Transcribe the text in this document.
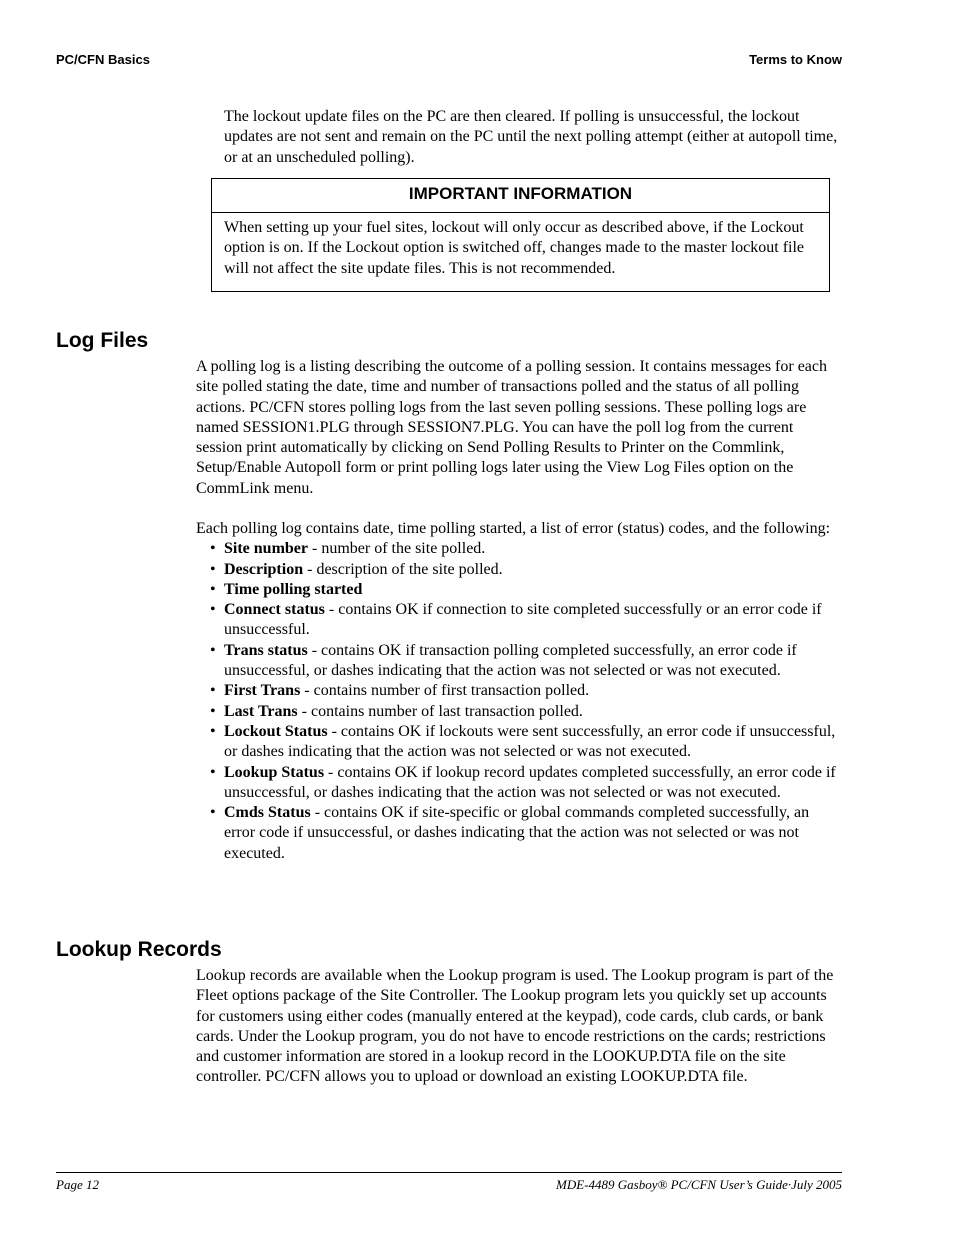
PC/CFN Basics	Terms to Know

The lockout update files on the PC are then cleared. If polling is unsuccessful, the lockout updates are not sent and remain on the PC until the next polling attempt (either at autopoll time, or at an unscheduled polling).

IMPORTANT INFORMATION

When setting up your fuel sites, lockout will only occur as described above, if the Lockout option is on. If the Lockout option is switched off, changes made to the master lockout file will not affect the site update files. This is not recommended.

Log Files

A polling log is a listing describing the outcome of a polling session. It contains messages for each site polled stating the date, time and number of transactions polled and the status of all polling actions. PC/CFN stores polling logs from the last seven polling sessions. These polling logs are named SESSION1.PLG through SESSION7.PLG. You can have the poll log from the current session print automatically by clicking on Send Polling Results to Printer on the Commlink, Setup/Enable Autopoll form or print polling logs later using the View Log Files option on the CommLink menu.

Each polling log contains date, time polling started, a list of error (status) codes, and the following:

• Site number - number of the site polled.
• Description - description of the site polled.
• Time polling started
• Connect status - contains OK if connection to site completed successfully or an error code if unsuccessful.
• Trans status - contains OK if transaction polling completed successfully, an error code if unsuccessful, or dashes indicating that the action was not selected or was not executed.
• First Trans - contains number of first transaction polled.
• Last Trans - contains number of last transaction polled.
• Lockout Status - contains OK if lockouts were sent successfully, an error code if unsuccessful, or dashes indicating that the action was not selected or was not executed.
• Lookup Status - contains OK if lookup record updates completed successfully, an error code if unsuccessful, or dashes indicating that the action was not selected or was not executed.
• Cmds Status - contains OK if site-specific or global commands completed successfully, an error code if unsuccessful, or dashes indicating that the action was not selected or was not executed.
Lookup Records

Lookup records are available when the Lookup program is used. The Lookup program is part of the Fleet options package of the Site Controller. The Lookup program lets you quickly set up accounts for customers using either codes (manually entered at the keypad), code cards, club cards, or bank cards. Under the Lookup program, you do not have to encode restrictions on the cards; restrictions and customer information are stored in a lookup record in the LOOKUP.DTA file on the site controller. PC/CFN allows you to upload or download an existing LOOKUP.DTA file.

Page 12	MDE-4489 Gasboy® PC/CFN User’s Guide·July 2005
